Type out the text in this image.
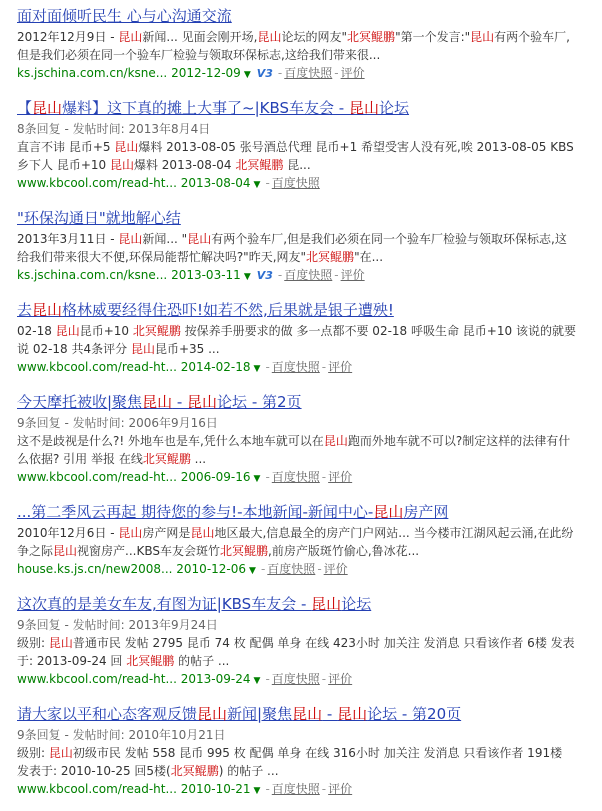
面对面倾听民生 心与心沟通交流
2012年12月9日 - 昆山新闻... 见面会刚开场,昆山论坛的网友"北冥鲲鹏"第一个发言:"昆山有两个验车厂,但是我们必须在同一个验车厂检验与领取环保标志,这给我们带来很...
ks.jschina.com.cn/ksne... 2012-12-09 ▼ V3 - 百度快照 - 评价
【昆山爆料】这下真的摊上大事了~|KBS车友会 - 昆山论坛
8条回复 - 发帖时间: 2013年8月4日
直言不讳 昆币+5 昆山爆料 2013-08-05 张号酒总代理 昆币+1 希望受害人没有死,唉 2013-08-05 KBS乡下人 昆币+10 昆山爆料 2013-08-04 北冥鲲鹏 昆...
www.kbcool.com/read-ht... 2013-08-04 ▼ - 百度快照
"环保沟通日"就地解心结
2013年3月11日 - 昆山新闻... "昆山有两个验车厂,但是我们必须在同一个验车厂检验与领取环保标志,这给我们带来很大不便,环保局能帮忙解决吗?"昨天,网友"北冥鲲鹏"在...
ks.jschina.com.cn/ksne... 2013-03-11 ▼ V3 - 百度快照 - 评价
去昆山格林威要经得住恐吓!如若不然,后果就是银子遭殃!
02-18 昆山昆币+10 北冥鲲鹏 按保养手册要求的做 多一点都不要 02-18 呼吸生命 昆币+10 该说的就要说 02-18 共4条评分 昆山昆币+35 ...
www.kbcool.com/read-ht... 2014-02-18 ▼ - 百度快照 - 评价
今天摩托被收|聚焦昆山 - 昆山论坛 - 第2页
9条回复 - 发帖时间: 2006年9月16日
这不是歧视是什么?! 外地车也是车,凭什么本地车就可以在昆山跑而外地车就不可以?制定这样的法律有什么依据? 引用 举报 在线北冥鲲鹏 ...
www.kbcool.com/read-ht... 2006-09-16 ▼ - 百度快照 - 评价
...第二季风云再起 期待您的参与!-本地新闻-新闻中心-昆山房产网
2010年12月6日 - 昆山房产网是昆山地区最大,信息最全的房产门户网站... 当今楼市江湖风起云涌,在此纷争之际昆山视窗房产...KBS车友会斑竹北冥鲲鹏,前房产版斑竹偷心,鲁冰花...
house.ks.js.cn/new2008... 2010-12-06 ▼ - 百度快照 - 评价
这次真的是美女车友,有图为证|KBS车友会 - 昆山论坛
9条回复 - 发帖时间: 2013年9月24日
级别: 昆山普通市民 发帖 2795 昆币 74 枚 配偶 单身 在线 423小时 加关注 发消息 只看该作者 6楼 发表于: 2013-09-24 回 北冥鲲鹏 的帖子 ...
www.kbcool.com/read-ht... 2013-09-24 ▼ - 百度快照 - 评价
请大家以平和心态客观反馈昆山新闻|聚焦昆山 - 昆山论坛 - 第20页
9条回复 - 发帖时间: 2010年10月21日
级别: 昆山初级市民 发帖 558 昆币 995 枚 配偶 单身 在线 316小时 加关注 发消息 只看该作者 191楼 发表于: 2010-10-25 回5楼(北冥鲲鹏) 的帖子 ...
www.kbcool.com/read-ht... 2010-10-21 ▼ - 百度快照 - 评价
